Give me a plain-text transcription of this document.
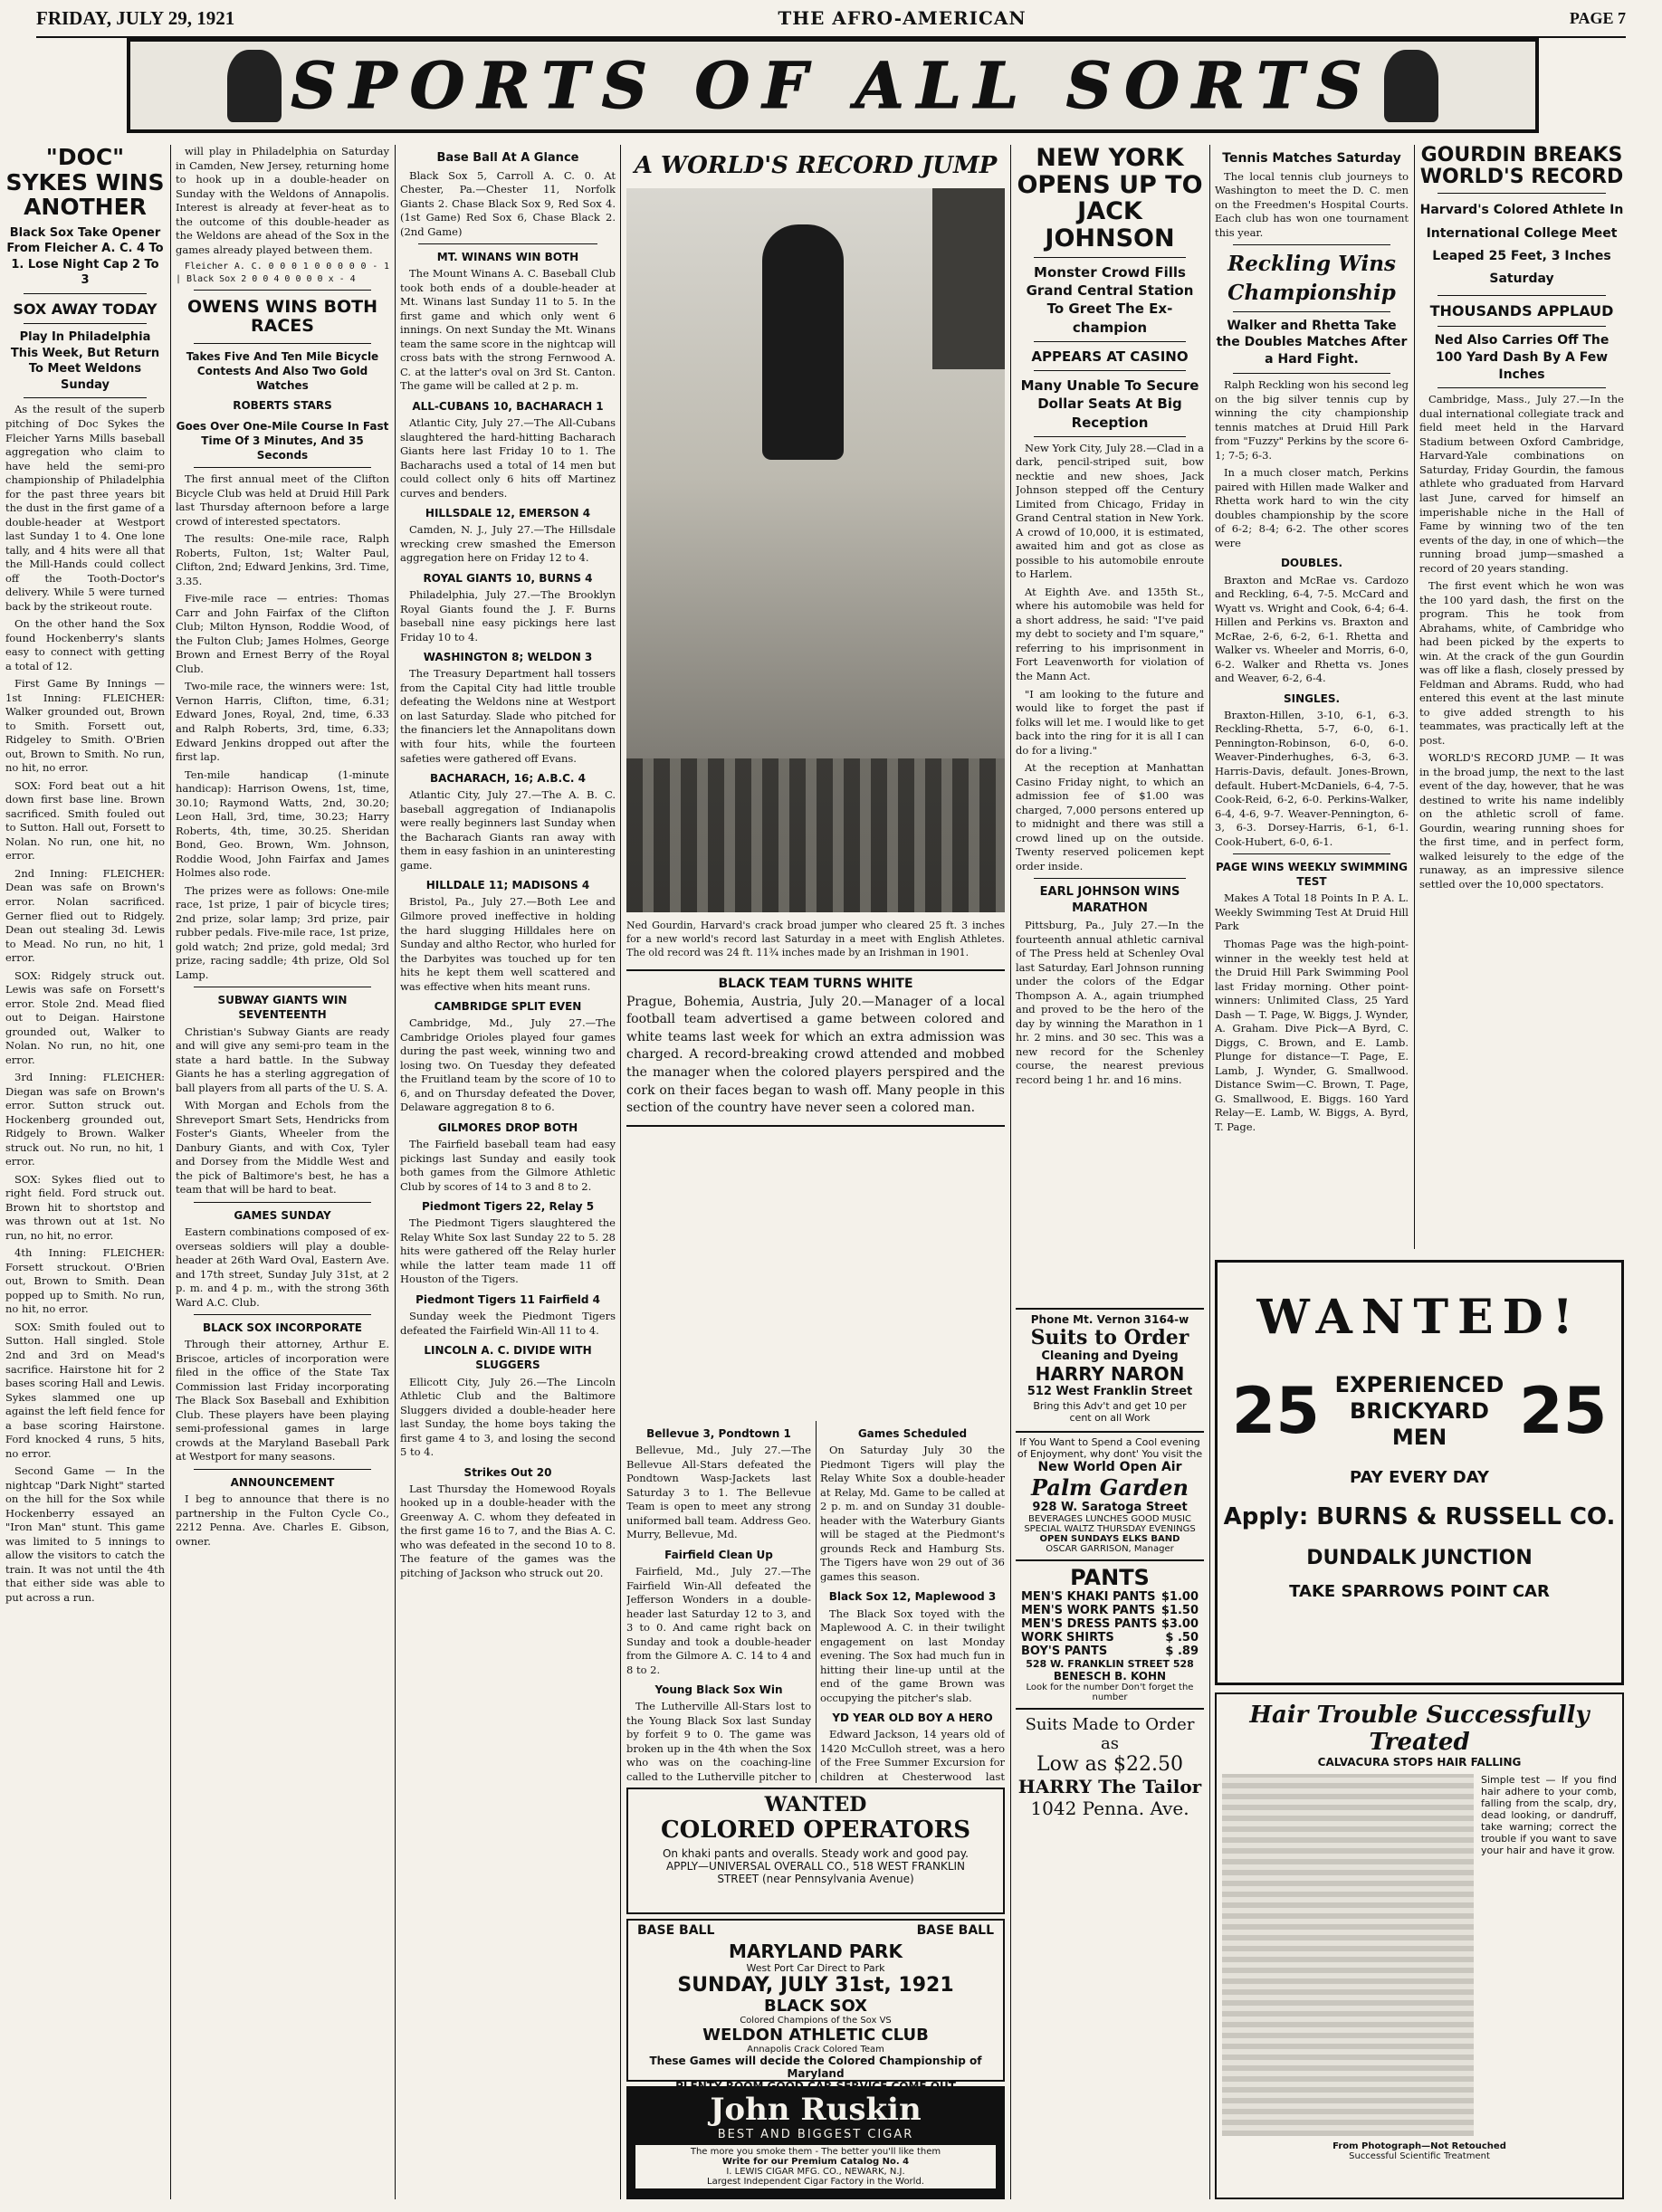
FRIDAY, JULY 29, 1921	THE AFRO-AMERICAN	PAGE 7
SPORTS OF ALL SORTS
"DOC" SYKES WINS ANOTHER
Black Sox Take Opener From Fleicher A. C. 4 To 1. Lose Night Cap 2 To 3
SOX AWAY TODAY
Play In Philadelphia This Week, But Return To Meet Weldons Sunday

As the result of the superb pitching of Doc Sykes the Fleicher Yarns Mills baseball aggregation who claim to have held the semi-pro championship of Philadelphia for the past three years bit the dust in the first game of a double-header at Westport last Sunday 1 to 4. One lone tally, and 4 hits were all that the Mill-Hands could collect off the Tooth-Doctor's delivery. While 5 were turned back by the strikeout route.

On the other hand the Sox found Hockenberry's slants easy to connect with getting a total of 12.

First Game By Innings — 1st Inning: FLEICHER: Walker grounded out, Brown to Smith. Forsett out, Ridgeley to Smith. O'Brien out, Brown to Smith. No run, no hit, no error.

SOX: Ford beat out a hit down first base line. Brown sacrificed. Smith fouled out to Sutton. Hall out, Forsett to Nolan. No run, one hit, no error.

2nd Inning: FLEICHER: Dean was safe on Brown's error. Nolan sacrificed. Gerner flied out to Ridgely. Dean out stealing 3d. Lewis to Mead. No run, no hit, 1 error.

SOX: Ridgely struck out. Lewis was safe on Forsett's error. Stole 2nd. Mead flied out to Deigan. Hairstone grounded out, Walker to Nolan. No run, no hit, one error.

3rd Inning: FLEICHER: Diegan was safe on Brown's error. Sutton struck out. Hockenberg grounded out, Ridgely to Brown. Walker struck out. No run, no hit, 1 error.

SOX: Sykes flied out to right field. Ford struck out. Brown hit to shortstop and was thrown out at 1st. No run, no hit, no error.

4th Inning: FLEICHER: Forsett struckout. O'Brien out, Brown to Smith. Dean popped up to Smith. No run, no hit, no error.

SOX: Smith fouled out to Sutton. Hall singled. Stole 2nd and 3rd on Mead's sacrifice. Hairstone hit for 2 bases scoring Hall and Lewis. Sykes slammed one up against the left field fence for a base scoring Hairstone. Ford knocked 4 runs, 5 hits, no error.

Second Game — In the nightcap "Dark Night" started on the hill for the Sox while Hockenberry essayed an "Iron Man" stunt. This game was limited to 5 innings to allow the visitors to catch the train. It was not until the 4th that either side was able to put across a run.

will play in Philadelphia on Saturday in Camden, New Jersey, returning home to hook up in a double-header on Sunday with the Weldons of Annapolis. Interest is already at fever-heat as to the outcome of this double-header as the Weldons are ahead of the Sox in the games already played between them.

Fleicher A. C. 0 0 0 1 0 0 0 0 0 - 1 | Black Sox 2 0 0 4 0 0 0 0 x - 4

OWENS WINS BOTH RACES
Takes Five And Ten Mile Bicycle Contests And Also Two Gold Watches
ROBERTS STARS
Goes Over One-Mile Course In Fast Time Of 3 Minutes, And 35 Seconds

The first annual meet of the Clifton Bicycle Club was held at Druid Hill Park last Thursday afternoon before a large crowd of interested spectators.

The results: One-mile race, Ralph Roberts, Fulton, 1st; Walter Paul, Clifton, 2nd; Edward Jenkins, 3rd. Time, 3.35.

Five-mile race — entries: Thomas Carr and John Fairfax of the Clifton Club; Milton Hynson, Roddie Wood, of the Fulton Club; James Holmes, George Brown and Ernest Berry of the Royal Club.

Two-mile race, the winners were: 1st, Vernon Harris, Clifton, time, 6.31; Edward Jones, Royal, 2nd, time, 6.33 and Ralph Roberts, 3rd, time, 6.33; Edward Jenkins dropped out after the first lap.

Ten-mile handicap (1-minute handicap): Harrison Owens, 1st, time, 30.10; Raymond Watts, 2nd, 30.20; Leon Hall, 3rd, time, 30.23; Harry Roberts, 4th, time, 30.25. Sheridan Bond, Geo. Brown, Wm. Johnson, Roddie Wood, John Fairfax and James Holmes also rode.

The prizes were as follows: One-mile race, 1st prize, 1 pair of bicycle tires; 2nd prize, solar lamp; 3rd prize, pair rubber pedals. Five-mile race, 1st prize, gold watch; 2nd prize, gold medal; 3rd prize, racing saddle; 4th prize, Old Sol Lamp.

SUBWAY GIANTS WIN SEVENTEENTH

Christian's Subway Giants are ready and will give any semi-pro team in the state a hard battle. In the Subway Giants he has a sterling aggregation of ball players from all parts of the U. S. A.

With Morgan and Echols from the Shreveport Smart Sets, Hendricks from Foster's Giants, Wheeler from the Danbury Giants, and with Cox, Tyler and Dorsey from the Middle West and the pick of Baltimore's best, he has a team that will be hard to beat.

GAMES SUNDAY

Eastern combinations composed of ex-overseas soldiers will play a double-header at 26th Ward Oval, Eastern Ave. and 17th street, Sunday July 31st, at 2 p. m. and 4 p. m., with the strong 36th Ward A.C. Club.

BLACK SOX INCORPORATE

Through their attorney, Arthur E. Briscoe, articles of incorporation were filed in the office of the State Tax Commission last Friday incorporating The Black Sox Baseball and Exhibition Club. These players have been playing semi-professional games in large crowds at the Maryland Baseball Park at Westport for many seasons.

ANNOUNCEMENT

I beg to announce that there is no partnership in the Fulton Cycle Co., 2212 Penna. Ave. Charles E. Gibson, owner.

Base Ball At A Glance

Black Sox 5, Carroll A. C. 0. At Chester, Pa.—Chester 11, Norfolk Giants 2. Chase Black Sox 9, Red Sox 4. (1st Game) Red Sox 6, Chase Black 2. (2nd Game)

MT. WINANS WIN BOTH

The Mount Winans A. C. Baseball Club took both ends of a double-header at Mt. Winans last Sunday 11 to 5. In the first game and which only went 6 innings. On next Sunday the Mt. Winans team the same score in the nightcap will cross bats with the strong Fernwood A. C. at the latter's oval on 3rd St. Canton. The game will be called at 2 p. m.

ALL-CUBANS 10, BACHARACH 1

Atlantic City, July 27.—The All-Cubans slaughtered the hard-hitting Bacharach Giants here last Friday 10 to 1. The Bacharachs used a total of 14 men but could collect only 6 hits off Martinez curves and benders.

HILLSDALE 12, EMERSON 4

Camden, N. J., July 27.—The Hillsdale wrecking crew smashed the Emerson aggregation here on Friday 12 to 4.

ROYAL GIANTS 10, BURNS 4

Philadelphia, July 27.—The Brooklyn Royal Giants found the J. F. Burns baseball nine easy pickings here last Friday 10 to 4.

WASHINGTON 8; WELDON 3

The Treasury Department hall tossers from the Capital City had little trouble defeating the Weldons nine at Westport on last Saturday. Slade who pitched for the financiers let the Annapolitans down with four hits, while the fourteen safeties were gathered off Evans.

BACHARACH, 16; A.B.C. 4

Atlantic City, July 27.—The A. B. C. baseball aggregation of Indianapolis were really beginners last Sunday when the Bacharach Giants ran away with them in easy fashion in an uninteresting game.

HILLDALE 11; MADISONS 4

Bristol, Pa., July 27.—Both Lee and Gilmore proved ineffective in holding the hard slugging Hilldales here on Sunday and altho Rector, who hurled for the Darbyites was touched up for ten hits he kept them well scattered and was effective when hits meant runs.

CAMBRIDGE SPLIT EVEN

Cambridge, Md., July 27.—The Cambridge Orioles played four games during the past week, winning two and losing two. On Tuesday they defeated the Fruitland team by the score of 10 to 6, and on Thursday defeated the Dover, Delaware aggregation 8 to 6.

GILMORES DROP BOTH

The Fairfield baseball team had easy pickings last Sunday and easily took both games from the Gilmore Athletic Club by scores of 14 to 3 and 8 to 2.

Piedmont Tigers 22, Relay 5

The Piedmont Tigers slaughtered the Relay White Sox last Sunday 22 to 5. 28 hits were gathered off the Relay hurler while the latter team made 11 off Houston of the Tigers.

Piedmont Tigers 11 Fairfield 4

Sunday week the Piedmont Tigers defeated the Fairfield Win-All 11 to 4.

LINCOLN A. C. DIVIDE WITH SLUGGERS

Ellicott City, July 26.—The Lincoln Athletic Club and the Baltimore Sluggers divided a double-header here last Sunday, the home boys taking the first game 4 to 3, and losing the second 5 to 4.

Strikes Out 20

Last Thursday the Homewood Royals hooked up in a double-header with the Greenway A. C. whom they defeated in the first game 16 to 7, and the Bias A. C. who was defeated in the second 10 to 8. The feature of the games was the pitching of Jackson who struck out 20.

A WORLD'S RECORD JUMP
Ned Gourdin, Harvard's crack broad jumper who cleared 25 ft. 3 inches for a new world's record last Saturday in a meet with English Athletes. The old record was 24 ft. 11¾ inches made by an Irishman in 1901.
BLACK TEAM TURNS WHITE
Prague, Bohemia, Austria, July 20.—Manager of a local football team advertised a game between colored and white teams last week for which an extra admission was charged. A record-breaking crowd attended and mobbed the manager when the colored players perspired and the cork on their faces began to wash off. Many people in this section of the country have never seen a colored man.
Bellevue 3, Pondtown 1

Bellevue, Md., July 27.—The Bellevue All-Stars defeated the Pondtown Wasp-Jackets last Saturday 3 to 1. The Bellevue Team is open to meet any strong uniformed ball team. Address Geo. Murry, Bellevue, Md.

Fairfield Clean Up

Fairfield, Md., July 27.—The Fairfield Win-All defeated the Jefferson Wonders in a double-header last Saturday 12 to 3, and 3 to 0. And came right back on Sunday and took a double-header from the Gilmore A. C. 14 to 4 and 8 to 2.

Young Black Sox Win

The Lutherville All-Stars lost to the Young Black Sox last Sunday by forfeit 9 to 0. The game was broken up in the 4th when the Sox who was on the coaching-line called to the Lutherville pitcher to

Games Scheduled

On Saturday July 30 the Piedmont Tigers will play the Relay White Sox a double-header at Relay, Md. Game to be called at 2 p. m. and on Sunday 31 double-header with the Waterbury Giants will be staged at the Piedmont's grounds Reck and Hamburg Sts. The Tigers have won 29 out of 36 games this season.

Black Sox 12, Maplewood 3

The Black Sox toyed with the Maplewood A. C. in their twilight engagement on last Monday evening. The Sox had much fun in hitting their line-up until at the end of the game Brown was occupying the pitcher's slab.

YD YEAR OLD BOY A HERO

Edward Jackson, 14 years old of 1420 McCulloh street, was a hero of the Free Summer Excursion for children at Chesterwood last

WANTED
COLORED OPERATORS
On khaki pants and overalls. Steady work and good pay. APPLY—UNIVERSAL OVERALL CO., 518 WEST FRANKLIN STREET (near Pennsylvania Avenue)
BASE BALL	BASE BALL
MARYLAND PARK
West Port Car Direct to Park
SUNDAY, JULY 31st, 1921
BLACK SOX
Colored Champions of the Sox VS
WELDON ATHLETIC CLUB
Annapolis Crack Colored Team
These Games will decide the Colored Championship of Maryland
John Ruskin
BEST AND BIGGEST CIGAR
The more you smoke them - The better you'll like them
Write for our Premium Catalog No. 4
I. LEWIS CIGAR MFG. CO., NEWARK, N.J.
Largest Independent Cigar Factory in the World.
NEW YORK OPENS UP TO JACK JOHNSON
Monster Crowd Fills Grand Central Station To Greet The Ex-champion
APPEARS AT CASINO
Many Unable To Secure Dollar Seats At Big Reception

New York City, July 28.—Clad in a dark, pencil-striped suit, bow necktie and new shoes, Jack Johnson stepped off the Century Limited from Chicago, Friday in Grand Central station in New York. A crowd of 10,000, it is estimated, awaited him and got as close as possible to his automobile enroute to Harlem.

At Eighth Ave. and 135th St., where his automobile was held for a short address, he said: "I've paid my debt to society and I'm square," referring to his imprisonment in Fort Leavenworth for violation of the Mann Act.

"I am looking to the future and would like to forget the past if folks will let me. I would like to get back into the ring for it is all I can do for a living."

At the reception at Manhattan Casino Friday night, to which an admission fee of $1.00 was charged, 7,000 persons entered up to midnight and there was still a crowd lined up on the outside. Twenty reserved policemen kept order inside.

EARL JOHNSON WINS MARATHON

Pittsburg, Pa., July 27.—In the fourteenth annual athletic carnival of The Press held at Schenley Oval last Saturday, Earl Johnson running under the colors of the Edgar Thompson A. A., again triumphed and proved to be the hero of the day by winning the Marathon in 1 hr. 2 mins. and 30 sec. This was a new record for the Schenley course, the nearest previous record being 1 hr. and 16 mins.

Phone Mt. Vernon 3164-w
Suits to Order
Cleaning and Dyeing
HARRY NARON
512 West Franklin Street
Bring this Adv't and get 10 per cent on all Work
If You Want to Spend a Cool evening of Enjoyment, why dont' You visit the
New World Open Air
Palm Garden
928 W. Saratoga Street
BEVERAGES LUNCHES GOOD MUSIC SPECIAL WALTZ THURSDAY EVENINGS
OPEN SUNDAYS ELKS BAND
OSCAR GARRISON, Manager
PANTS
MEN'S KHAKI PANTS $1.00
MEN'S WORK PANTS $1.50
MEN'S DRESS PANTS $3.00
WORK SHIRTS	$ .50
BOY'S PANTS	$ .89
528 W. FRANKLIN STREET 528
BENESCH B. KOHN
Look for the number Don't forget the number
Suits Made to Order as
Low as $22.50
HARRY The Tailor
1042 Penna. Ave.
Tennis Matches Saturday

The local tennis club journeys to Washington to meet the D. C. men on the Freedmen's Hospital Courts. Each club has won one tournament this year.

Reckling Wins Championship
Walker and Rhetta Take the Doubles Matches After a Hard Fight.

Ralph Reckling won his second leg on the big silver tennis cup by winning the city championship tennis matches at Druid Hill Park from "Fuzzy" Perkins by the score 6-1; 7-5; 6-3.

In a much closer match, Perkins paired with Hillen made Walker and Rhetta work hard to win the city doubles championship by the score of 6-2; 8-4; 6-2. The other scores were

DOUBLES.

Braxton and McRae vs. Cardozo and Reckling, 6-4, 7-5. McCard and Wyatt vs. Wright and Cook, 6-4; 6-4. Hillen and Perkins vs. Braxton and McRae, 2-6, 6-2, 6-1. Rhetta and Walker vs. Wheeler and Morris, 6-0, 6-2. Walker and Rhetta vs. Jones and Weaver, 6-2, 6-4.

SINGLES.

Braxton-Hillen, 3-10, 6-1, 6-3. Reckling-Rhetta, 5-7, 6-0, 6-1. Pennington-Robinson, 6-0, 6-0. Weaver-Pinderhughes, 6-3, 6-3. Harris-Davis, default. Jones-Brown, default. Hubert-McDaniels, 6-4, 7-5. Cook-Reid, 6-2, 6-0. Perkins-Walker, 6-4, 4-6, 9-7. Weaver-Pennington, 6-3, 6-3. Dorsey-Harris, 6-1, 6-1. Cook-Hubert, 6-0, 6-1.

PAGE WINS WEEKLY SWIMMING TEST

Makes A Total 18 Points In P. A. L. Weekly Swimming Test At Druid Hill Park

Thomas Page was the high-point-winner in the weekly test held at the Druid Hill Park Swimming Pool last Friday morning. Other point-winners: Unlimited Class, 25 Yard Dash — T. Page, W. Biggs, J. Wynder, A. Graham. Dive Pick—A Byrd, C. Diggs, C. Brown, and E. Lamb. Plunge for distance—T. Page, E. Lamb, J. Wynder, G. Smallwood. Distance Swim—C. Brown, T. Page, G. Smallwood, E. Biggs. 160 Yard Relay—E. Lamb, W. Biggs, A. Byrd, T. Page.

GOURDIN BREAKS WORLD'S RECORD
Harvard's Colored Athlete In International College Meet Leaped 25 Feet, 3 Inches Saturday
THOUSANDS APPLAUD
Ned Also Carries Off The 100 Yard Dash By A Few Inches

Cambridge, Mass., July 27.—In the dual international collegiate track and field meet held in the Harvard Stadium between Oxford Cambridge, Harvard-Yale combinations on Saturday, Friday Gourdin, the famous athlete who graduated from Harvard last June, carved for himself an imperishable niche in the Hall of Fame by winning two of the ten events of the day, in one of which—the running broad jump—smashed a record of 20 years standing.

The first event which he won was the 100 yard dash, the first on the program. This he took from Abrahams, white, of Cambridge who had been picked by the experts to win. At the crack of the gun Gourdin was off like a flash, closely pressed by Feldman and Abrams. Rudd, who had entered this event at the last minute to give added strength to his teammates, was practically left at the post.

WORLD'S RECORD JUMP. — It was in the broad jump, the next to the last event of the day, however, that he was destined to write his name indelibly on the athletic scroll of fame. Gourdin, wearing running shoes for the first time, and in perfect form, walked leisurely to the edge of the runaway, as an impressive silence settled over the 10,000 spectators.

WANTED!
25 EXPERIENCED BRICKYARD MEN	25
PAY EVERY DAY
Apply: BURNS & RUSSELL CO.
DUNDALK JUNCTION
TAKE SPARROWS POINT CAR
Hair Trouble Successfully Treated
CALVACURA STOPS HAIR FALLING
Simple test — If you find hair adhere to your comb, falling from the scalp, dry, dead looking, or dandruff, take warning; correct the trouble if you want to save your hair and have it grow.
From Photograph—Not Retouched
Successful Scientific Treatment
